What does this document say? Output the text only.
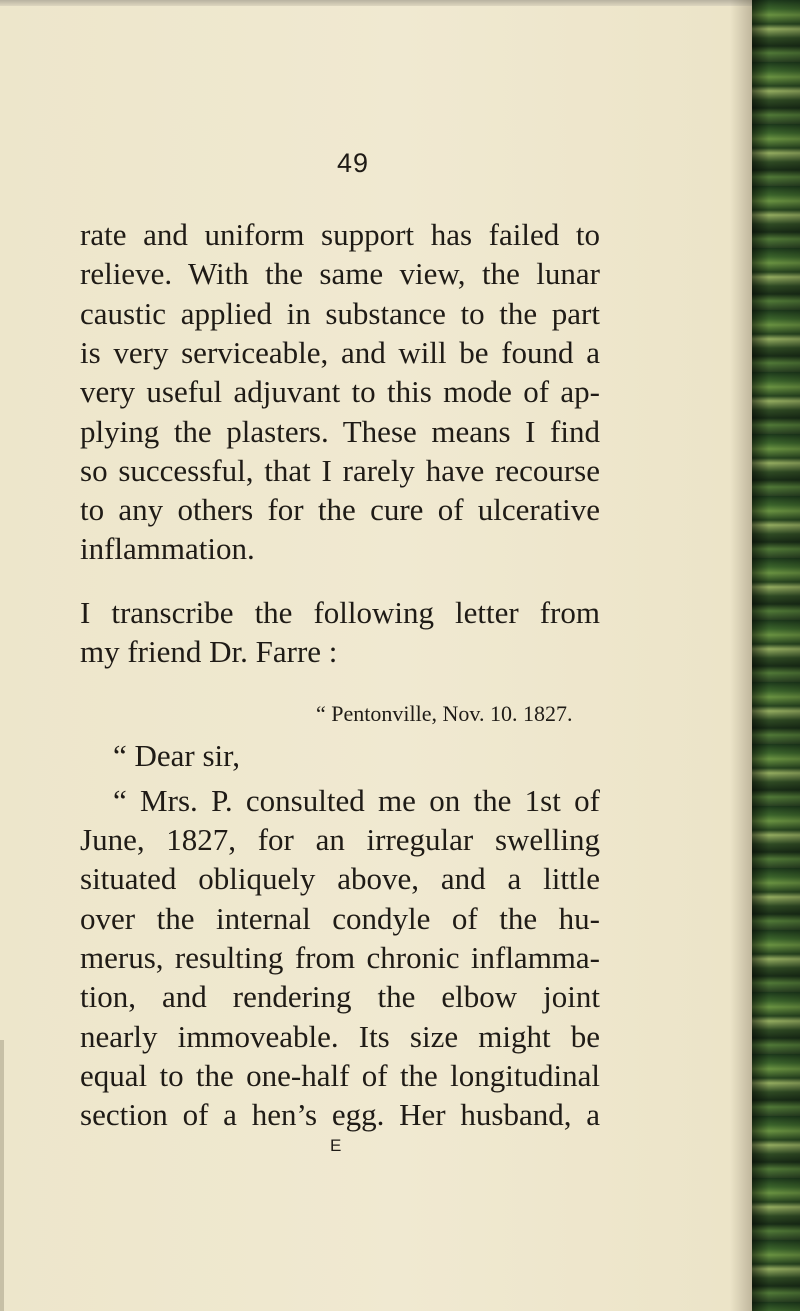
49
rate and uniform support has failed to
relieve. With the same view, the lunar
caustic applied in substance to the part
is very serviceable, and will be found a
very useful adjuvant to this mode of ap-
plying the plasters. These means I find
so successful, that I rarely have recourse
to any others for the cure of ulcerative
inflammation.
I transcribe the following letter from
my friend Dr. Farre :
“ Pentonville, Nov. 10. 1827.
“ Dear sir,
“ Mrs. P. consulted me on the 1st of
June, 1827, for an irregular swelling
situated obliquely above, and a little
over the internal condyle of the hu-
merus, resulting from chronic inflamma-
tion, and rendering the elbow joint
nearly immoveable. Its size might be
equal to the one-half of the longitudinal
section of a hen’s egg. Her husband, a
E
